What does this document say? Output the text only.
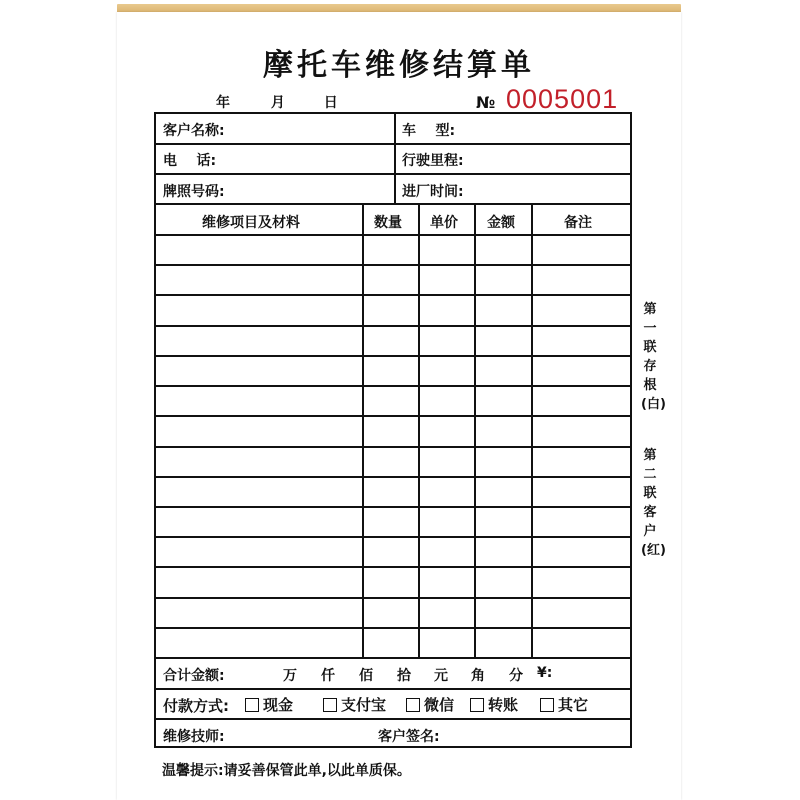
摩托车维修结算单
年	月	日	№ 0005001
客户名称:	车    型:
电    话:	行驶里程:
牌照号码:	进厂时间:
维修项目及材料	数量 单价 金额	备注
合计金额:	万 仟 佰 拾 元 角 分 ¥:
付款方式:	现金	支付宝	微信	转账	其它
维修技师:	客户签名:
第一联存根(白)
第二联客户(红)
温馨提示:请妥善保管此单,以此单质保。
